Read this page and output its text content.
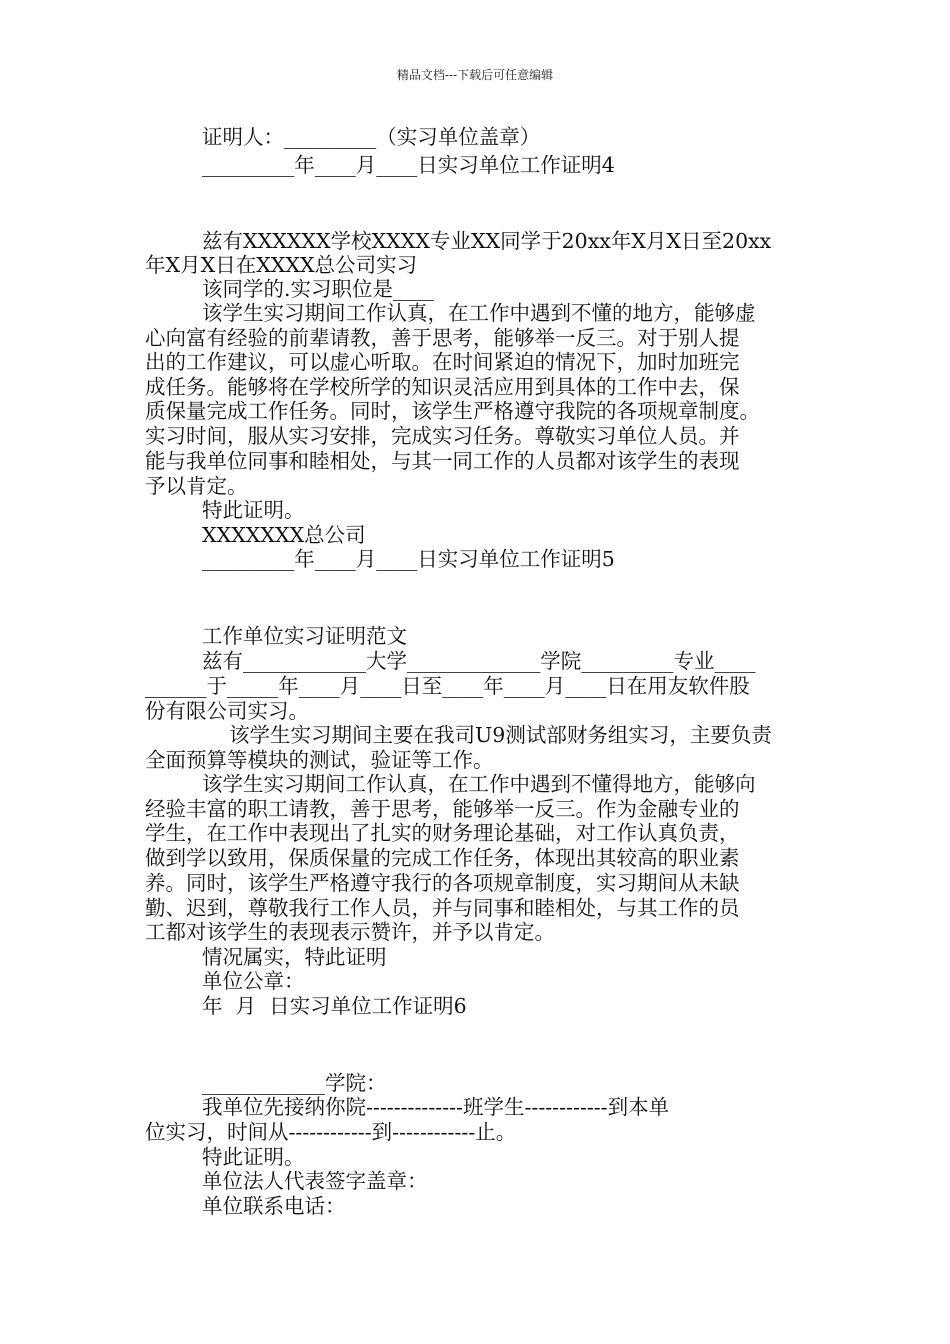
精品文档---下载后可任意编辑
证明人：_________（实习单位盖章）
_________年____月____日实习单位工作证明4
兹有XXXXXX学校XXXX专业XX同学于20xx年X月X日至20xx
年X月X日在XXXX总公司实习
该同学的.实习职位是____
该学生实习期间工作认真，在工作中遇到不懂的地方，能够虚
心向富有经验的前辈请教，善于思考，能够举一反三。对于别人提
出的工作建议，可以虚心听取。在时间紧迫的情况下，加时加班完
成任务。能够将在学校所学的知识灵活应用到具体的工作中去，保
质保量完成工作任务。同时，该学生严格遵守我院的各项规章制度。
实习时间，服从实习安排，完成实习任务。尊敬实习单位人员。并
能与我单位同事和睦相处，与其一同工作的人员都对该学生的表现
予以肯定。
特此证明。
XXXXXXX总公司
_________年____月____日实习单位工作证明5
工作单位实习证明范文
兹有____________大学_____________学院_________专业____
______于_____年____月____日至____年____月____日在用友软件股
份有限公司实习。
该学生实习期间主要在我司U9测试部财务组实习，主要负责
全面预算等模块的测试，验证等工作。
该学生实习期间工作认真，在工作中遇到不懂得地方，能够向
经验丰富的职工请教，善于思考，能够举一反三。作为金融专业的
学生，在工作中表现出了扎实的财务理论基础，对工作认真负责，
做到学以致用，保质保量的完成工作任务，体现出其较高的职业素
养。同时，该学生严格遵守我行的各项规章制度，实习期间从未缺
勤、迟到，尊敬我行工作人员，并与同事和睦相处，与其工作的员
工都对该学生的表现表示赞许，并予以肯定。
情况属实，特此证明
单位公章：
年  月  日实习单位工作证明6
____________学院：
我单位先接纳你院--------------班学生------------到本单
位实习，时间从------------到------------止。
特此证明。
单位法人代表签字盖章：
单位联系电话：
